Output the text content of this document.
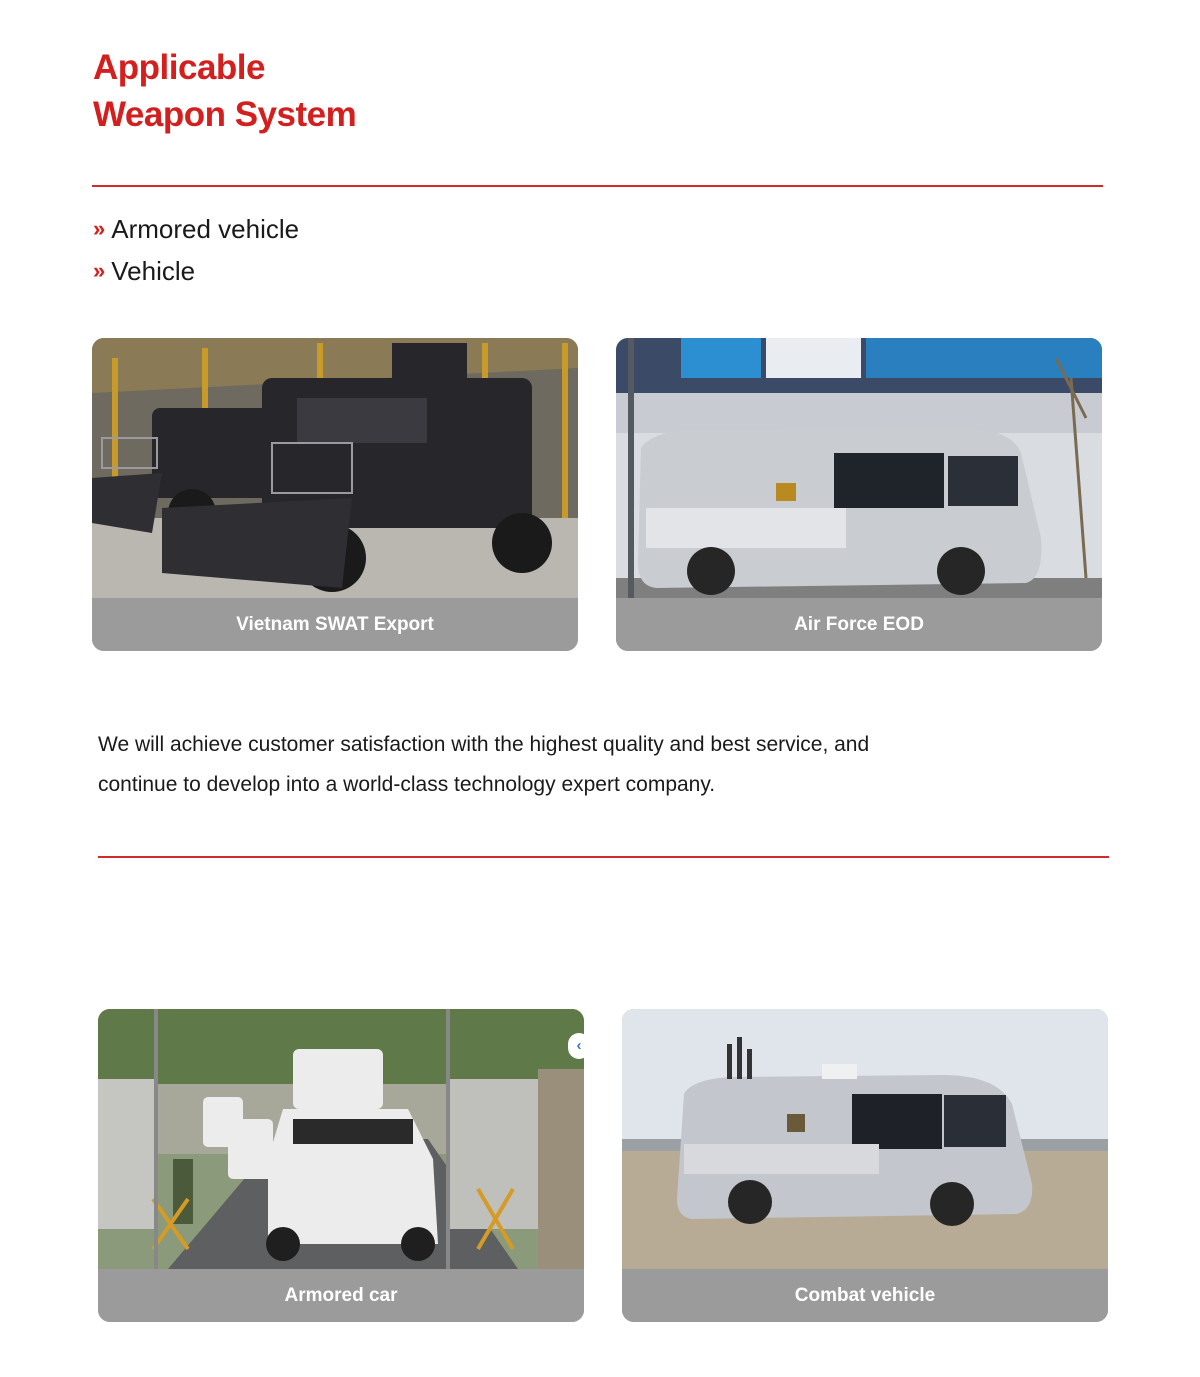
Applicable
Weapon System
» Armored vehicle
» Vehicle
Vietnam SWAT Export	Air Force EOD
We will achieve customer satisfaction with the highest quality and best service, and
continue to develop into a world-class technology expert company.
Armored car
‹
Combat vehicle
